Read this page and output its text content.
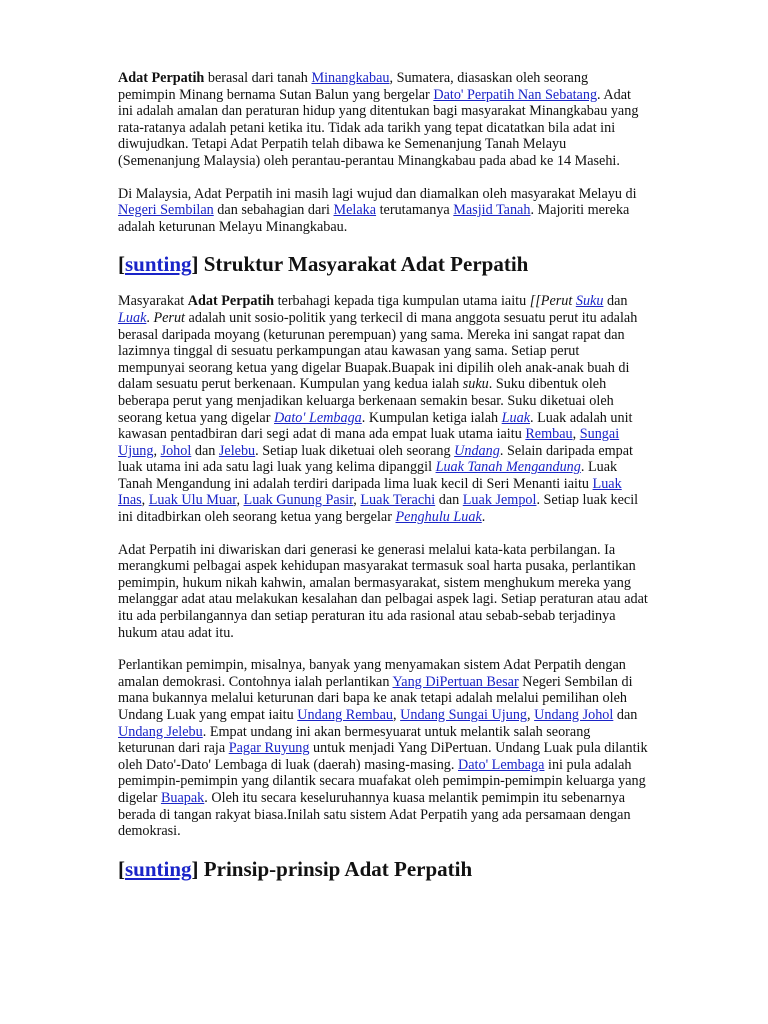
Adat Perpatih berasal dari tanah Minangkabau, Sumatera, diasaskan oleh seorang pemimpin Minang bernama Sutan Balun yang bergelar Dato' Perpatih Nan Sebatang. Adat ini adalah amalan dan peraturan hidup yang ditentukan bagi masyarakat Minangkabau yang rata-ratanya adalah petani ketika itu. Tidak ada tarikh yang tepat dicatatkan bila adat ini diwujudkan. Tetapi Adat Perpatih telah dibawa ke Semenanjung Tanah Melayu (Semenanjung Malaysia) oleh perantau-perantau Minangkabau pada abad ke 14 Masehi.

Di Malaysia, Adat Perpatih ini masih lagi wujud dan diamalkan oleh masyarakat Melayu di Negeri Sembilan dan sebahagian dari Melaka terutamanya Masjid Tanah. Majoriti mereka adalah keturunan Melayu Minangkabau.

[sunting] Struktur Masyarakat Adat Perpatih

Masyarakat Adat Perpatih terbahagi kepada tiga kumpulan utama iaitu [[Perut Suku dan Luak. Perut adalah unit sosio-politik yang terkecil di mana anggota sesuatu perut itu adalah berasal daripada moyang (keturunan perempuan) yang sama. Mereka ini sangat rapat dan lazimnya tinggal di sesuatu perkampungan atau kawasan yang sama. Setiap perut mempunyai seorang ketua yang digelar Buapak.Buapak ini dipilih oleh anak-anak buah di dalam sesuatu perut berkenaan. Kumpulan yang kedua ialah suku. Suku dibentuk oleh beberapa perut yang menjadikan keluarga berkenaan semakin besar. Suku diketuai oleh seorang ketua yang digelar Dato' Lembaga. Kumpulan ketiga ialah Luak. Luak adalah unit kawasan pentadbiran dari segi adat di mana ada empat luak utama iaitu Rembau, Sungai Ujung, Johol dan Jelebu. Setiap luak diketuai oleh seorang Undang. Selain daripada empat luak utama ini ada satu lagi luak yang kelima dipanggil Luak Tanah Mengandung. Luak Tanah Mengandung ini adalah terdiri daripada lima luak kecil di Seri Menanti iaitu Luak Inas, Luak Ulu Muar, Luak Gunung Pasir, Luak Terachi dan Luak Jempol. Setiap luak kecil ini ditadbirkan oleh seorang ketua yang bergelar Penghulu Luak.

Adat Perpatih ini diwariskan dari generasi ke generasi melalui kata-kata perbilangan. Ia merangkumi pelbagai aspek kehidupan masyarakat termasuk soal harta pusaka, perlantikan pemimpin, hukum nikah kahwin, amalan bermasyarakat, sistem menghukum mereka yang melanggar adat atau melakukan kesalahan dan pelbagai aspek lagi. Setiap peraturan atau adat itu ada perbilangannya dan setiap peraturan itu ada rasional atau sebab-sebab terjadinya hukum atau adat itu.

Perlantikan pemimpin, misalnya, banyak yang menyamakan sistem Adat Perpatih dengan amalan demokrasi. Contohnya ialah perlantikan Yang DiPertuan Besar Negeri Sembilan di mana bukannya melalui keturunan dari bapa ke anak tetapi adalah melalui pemilihan oleh Undang Luak yang empat iaitu Undang Rembau, Undang Sungai Ujung, Undang Johol dan Undang Jelebu. Empat undang ini akan bermesyuarat untuk melantik salah seorang keturunan dari raja Pagar Ruyung untuk menjadi Yang DiPertuan. Undang Luak pula dilantik oleh Dato'-Dato' Lembaga di luak (daerah) masing-masing. Dato' Lembaga ini pula adalah pemimpin-pemimpin yang dilantik secara muafakat oleh pemimpin-pemimpin keluarga yang digelar Buapak. Oleh itu secara keseluruhannya kuasa melantik pemimpin itu sebenarnya berada di tangan rakyat biasa.Inilah satu sistem Adat Perpatih yang ada persamaan dengan demokrasi.

[sunting] Prinsip-prinsip Adat Perpatih
